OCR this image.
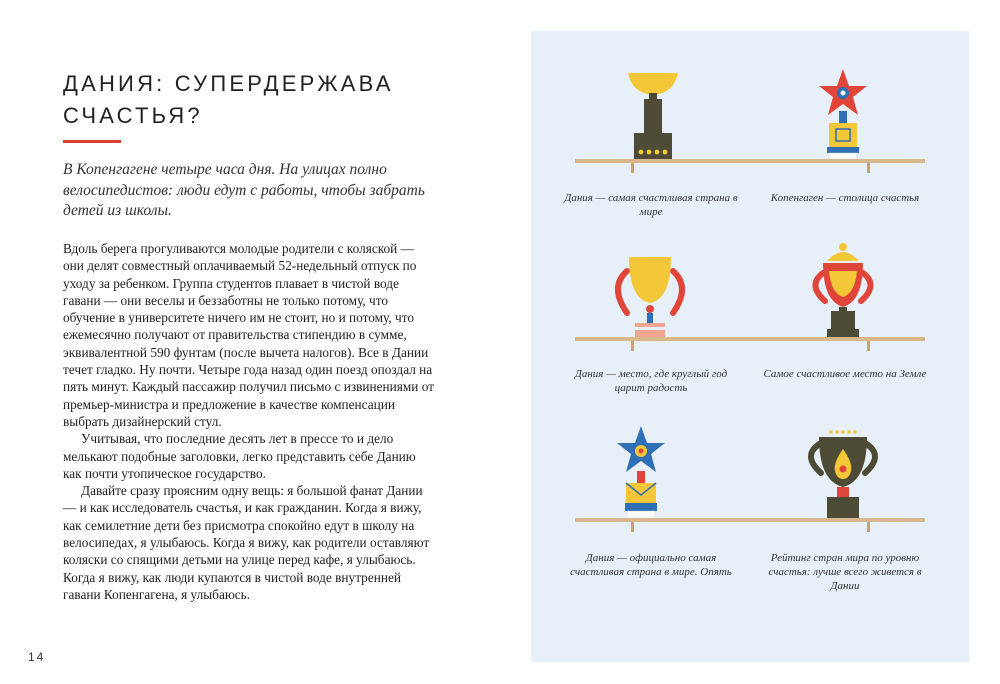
ДАНИЯ: СУПЕРДЕРЖАВА СЧАСТЬЯ?
В Копенгагене четыре часа дня. На улицах полно велосипедистов: люди едут с работы, чтобы забрать детей из школы.

Вдоль берега прогуливаются молодые родители с коляской — они делят совместный оплачиваемый 52-недельный отпуск по уходу за ребенком. Группа студентов плавает в чистой воде гавани — они веселы и беззаботны не только потому, что обучение в университете ничего им не стоит, но и потому, что ежемесячно получают от правительства стипендию в сумме, эквивалентной 590 фунтам (после вычета налогов). Все в Дании течет гладко. Ну почти. Четыре года назад один поезд опоздал на пять минут. Каждый пассажир получил письмо с извинениями от премьер-министра и предложение в качестве компенсации выбрать дизайнерский стул.

Учитывая, что последние десять лет в прессе то и дело мелькают подобные заголовки, легко представить себе Данию как почти утопическое государство.

Давайте сразу проясним одну вещь: я большой фанат Дании — и как исследователь счастья, и как гражданин. Когда я вижу, как семилетние дети без присмотра спокойно едут в школу на велосипедах, я улыбаюсь. Когда я вижу, как родители оставляют коляски со спящими детьми на улице перед кафе, я улыбаюсь. Когда я вижу, как люди купаются в чистой воде внутренней гавани Копенгагена, я улыбаюсь.

14
Дания — самая счастливая страна в мире
Копенгаген — столица счастья
Дания — место, где круглый год царит радость
Самое счастливое место на Земле
Дания — официально самая счастливая страна в мире. Опять
Рейтинг стран мира по уровню счастья: лучше всего живется в Дании
